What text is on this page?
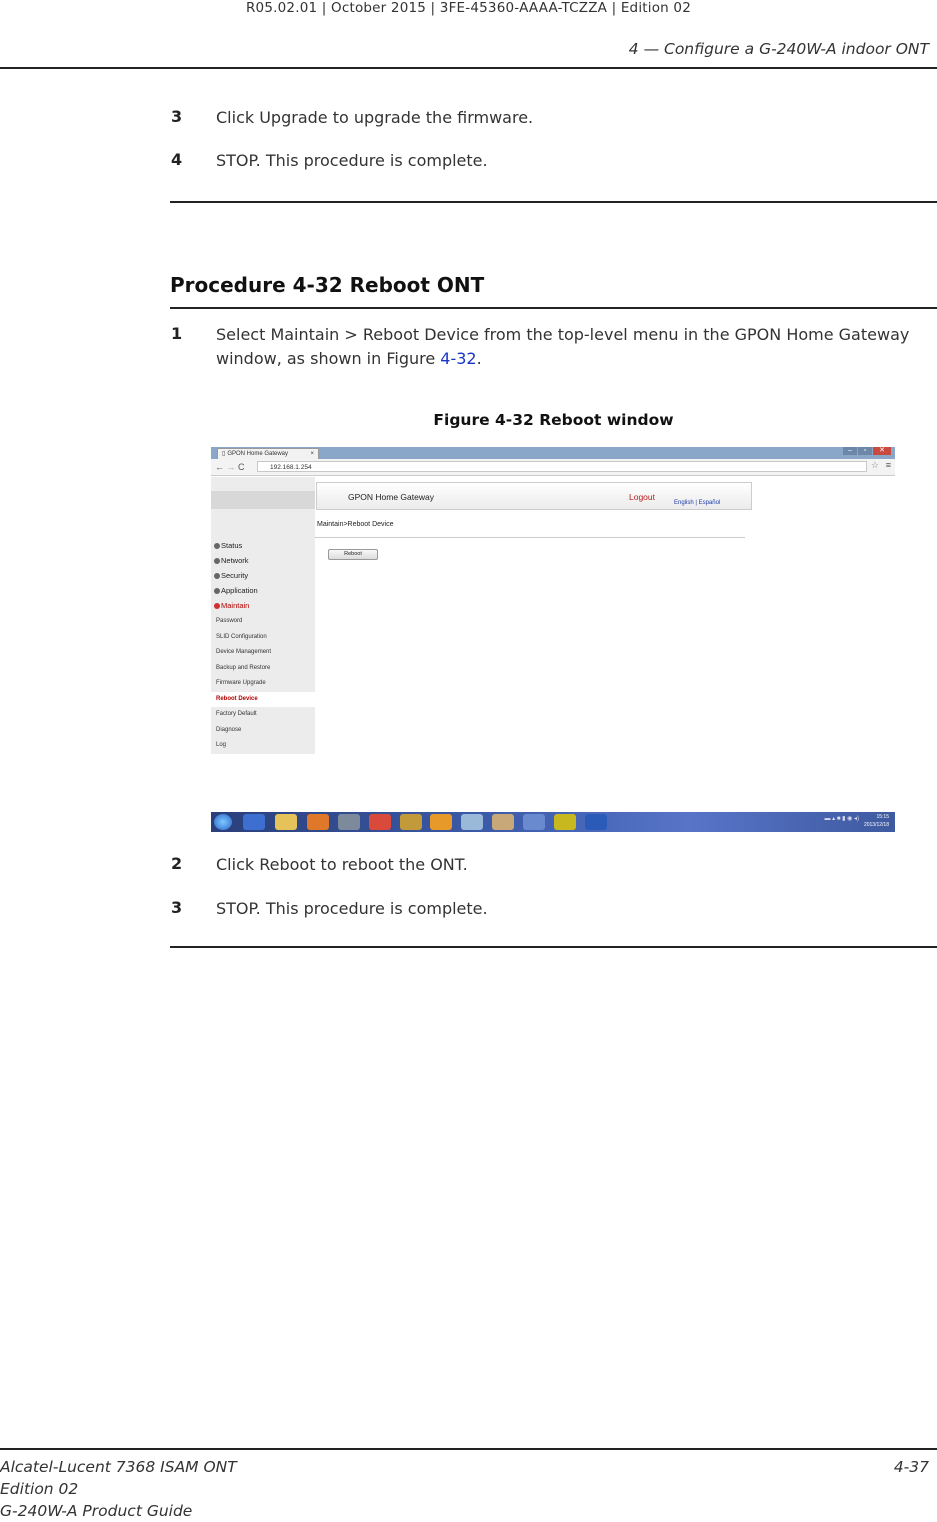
R05.02.01 | October 2015 | 3FE-45360-AAAA-TCZZA | Edition 02
4 — Configure a G-240W-A indoor ONT
3 Click Upgrade to upgrade the firmware.
4 STOP. This procedure is complete.
Procedure 4-32 Reboot ONT
1 Select Maintain > Reboot Device from the top-level menu in the GPON Home Gateway window, as shown in Figure 4-32.
Figure 4-32 Reboot window
▯ GPON Home Gateway	×	– ▫ ✕
← → C	192.168.1.254	☆ ≡
Status
Network
Security
Application
Maintain
Password
SLID Configuration
Device Management
Backup and Restore
Firmware Upgrade
Reboot Device
Factory Default
Diagnose
Log
GPON Home Gateway	Logout
English | Español
Maintain>Reboot Device
Reboot
▬ ▴ ■ ▮ ◉ ◂)	15:15
2013/12/18
2 Click Reboot to reboot the ONT.
3 STOP. This procedure is complete.
Alcatel-Lucent 7368 ISAM ONT
Edition 02
G-240W-A Product Guide
4-37
